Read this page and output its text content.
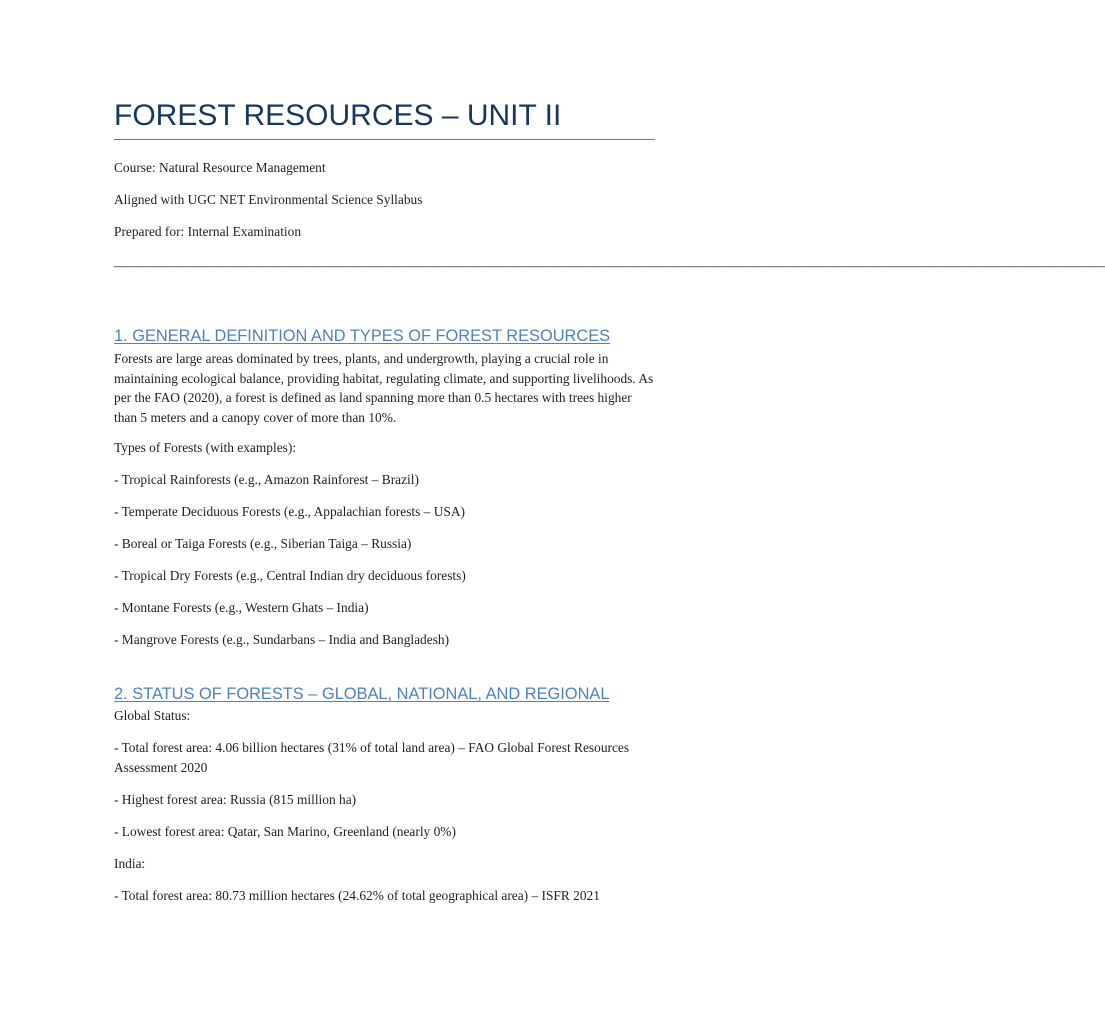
FOREST RESOURCES – UNIT II

Course: Natural Resource Management

Aligned with UGC NET Environmental Science Syllabus

Prepared for: Internal Examination

——————————————————————————————————————————————————————————————————————————

1. GENERAL DEFINITION AND TYPES OF FOREST RESOURCES

Forests are large areas dominated by trees, plants, and undergrowth, playing a crucial role in maintaining ecological balance, providing habitat, regulating climate, and supporting livelihoods. As per the FAO (2020), a forest is defined as land spanning more than 0.5 hectares with trees higher than 5 meters and a canopy cover of more than 10%.

Types of Forests (with examples):

- Tropical Rainforests (e.g., Amazon Rainforest – Brazil)

- Temperate Deciduous Forests (e.g., Appalachian forests – USA)

- Boreal or Taiga Forests (e.g., Siberian Taiga – Russia)

- Tropical Dry Forests (e.g., Central Indian dry deciduous forests)

- Montane Forests (e.g., Western Ghats – India)

- Mangrove Forests (e.g., Sundarbans – India and Bangladesh)

2. STATUS OF FORESTS – GLOBAL, NATIONAL, AND REGIONAL

Global Status:

- Total forest area: 4.06 billion hectares (31% of total land area) – FAO Global Forest Resources Assessment 2020

- Highest forest area: Russia (815 million ha)

- Lowest forest area: Qatar, San Marino, Greenland (nearly 0%)

India:

- Total forest area: 80.73 million hectares (24.62% of total geographical area) – ISFR 2021
